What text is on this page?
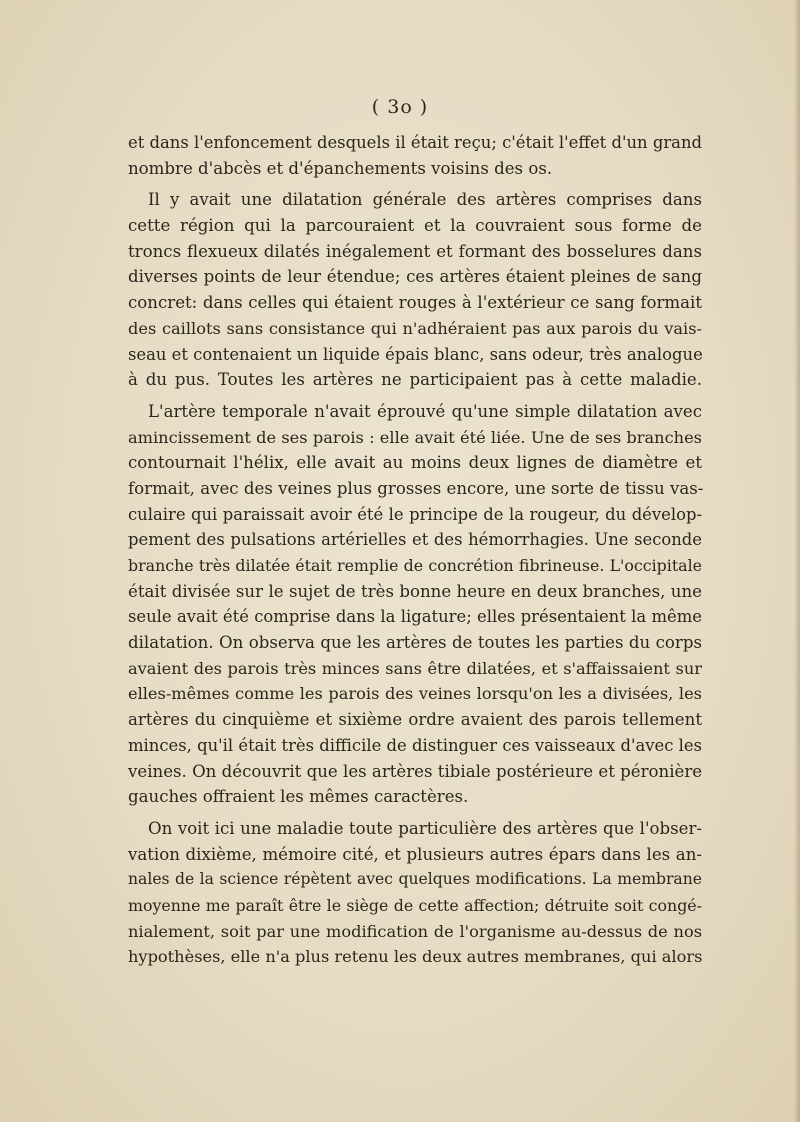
( 3o )

et dans l'enfoncement desquels il était reçu; c'était l'effet d'un grand
nombre d'abcès et d'épanchements voisins des os.

Il y avait une dilatation générale des artères comprises dans
cette région qui la parcouraient et la couvraient sous forme de
troncs flexueux dilatés inégalement et formant des bosselures dans
diverses points de leur étendue; ces artères étaient pleines de sang
concret: dans celles qui étaient rouges à l'extérieur ce sang formait
des caillots sans consistance qui n'adhéraient pas aux parois du vais-
seau et contenaient un liquide épais blanc, sans odeur, très analogue
à du pus. Toutes les artères ne participaient pas à cette maladie.

L'artère temporale n'avait éprouvé qu'une simple dilatation avec
amincissement de ses parois : elle avait été liée. Une de ses branches
contournait l'hélix, elle avait au moins deux lignes de diamètre et
formait, avec des veines plus grosses encore, une sorte de tissu vas-
culaire qui paraissait avoir été le principe de la rougeur, du dévelop-
pement des pulsations artérielles et des hémorrhagies. Une seconde
branche très dilatée était remplie de concrétion fibrineuse. L'occipitale
était divisée sur le sujet de très bonne heure en deux branches, une
seule avait été comprise dans la ligature; elles présentaient la même
dilatation. On observa que les artères de toutes les parties du corps
avaient des parois très minces sans être dilatées, et s'affaissaient sur
elles-mêmes comme les parois des veines lorsqu'on les a divisées, les
artères du cinquième et sixième ordre avaient des parois tellement
minces, qu'il était très difficile de distinguer ces vaisseaux d'avec les
veines. On découvrit que les artères tibiale postérieure et péronière
gauches offraient les mêmes caractères.

On voit ici une maladie toute particulière des artères que l'obser-
vation dixième, mémoire cité, et plusieurs autres épars dans les an-
nales de la science répètent avec quelques modifications. La membrane
moyenne me paraît être le siège de cette affection; détruite soit congé-
nialement, soit par une modification de l'organisme au-dessus de nos
hypothèses, elle n'a plus retenu les deux autres membranes, qui alors
